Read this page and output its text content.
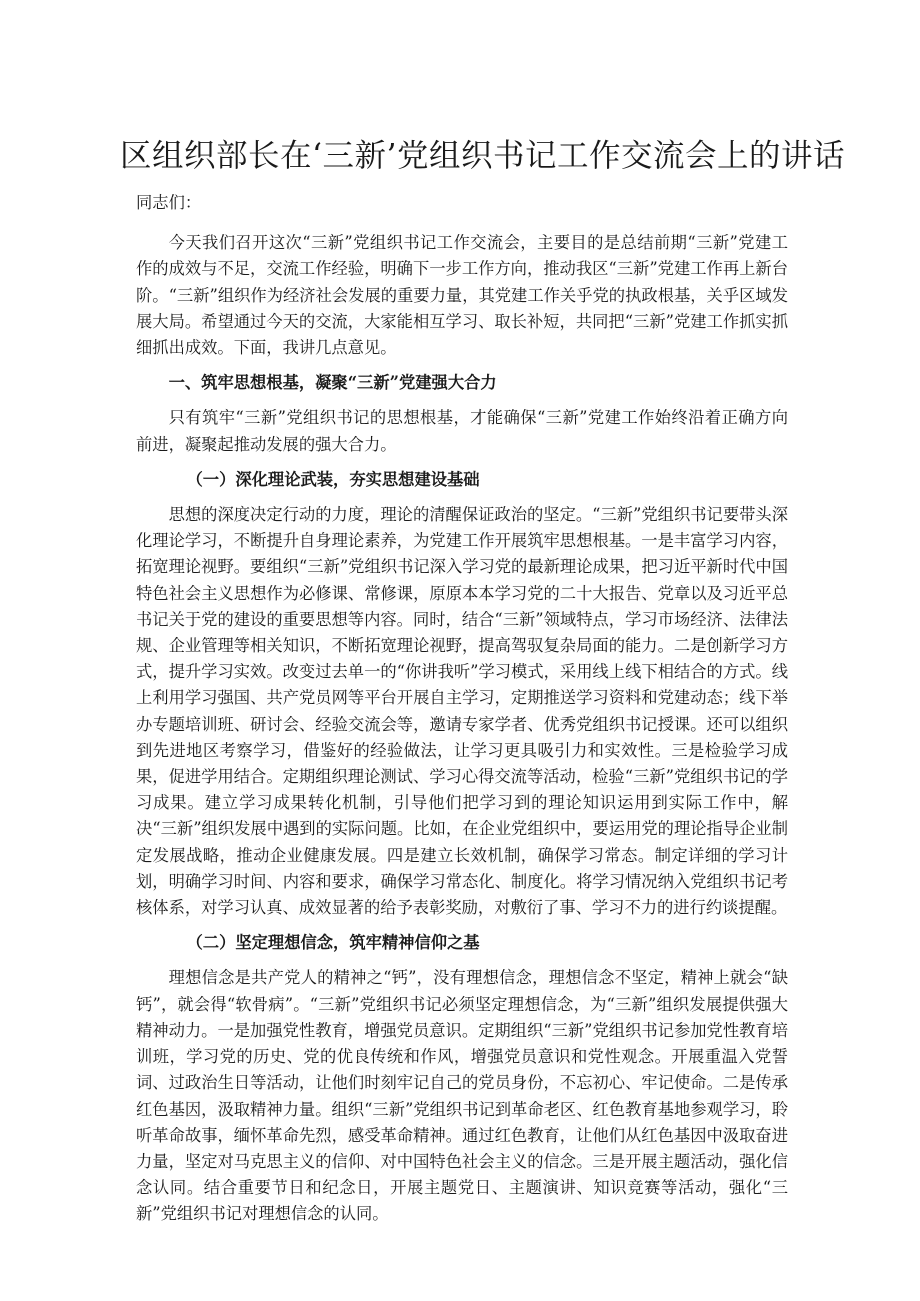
区组织部长在‘三新’党组织书记工作交流会上的讲话

同志们：

今天我们召开这次“三新”党组织书记工作交流会，主要目的是总结前期“三新”党建工作的成效与不足，交流工作经验，明确下一步工作方向，推动我区“三新”党建工作再上新台阶。“三新”组织作为经济社会发展的重要力量，其党建工作关乎党的执政根基，关乎区域发展大局。希望通过今天的交流，大家能相互学习、取长补短，共同把“三新”党建工作抓实抓细抓出成效。下面，我讲几点意见。

一、筑牢思想根基，凝聚“三新”党建强大合力

只有筑牢“三新”党组织书记的思想根基，才能确保“三新”党建工作始终沿着正确方向前进，凝聚起推动发展的强大合力。

（一）深化理论武装，夯实思想建设基础

思想的深度决定行动的力度，理论的清醒保证政治的坚定。“三新”党组织书记要带头深化理论学习，不断提升自身理论素养，为党建工作开展筑牢思想根基。一是丰富学习内容，拓宽理论视野。要组织“三新”党组织书记深入学习党的最新理论成果，把习近平新时代中国特色社会主义思想作为必修课、常修课，原原本本学习党的二十大报告、党章以及习近平总书记关于党的建设的重要思想等内容。同时，结合“三新”领域特点，学习市场经济、法律法规、企业管理等相关知识，不断拓宽理论视野，提高驾驭复杂局面的能力。二是创新学习方式，提升学习实效。改变过去单一的“你讲我听”学习模式，采用线上线下相结合的方式。线上利用学习强国、共产党员网等平台开展自主学习，定期推送学习资料和党建动态；线下举办专题培训班、研讨会、经验交流会等，邀请专家学者、优秀党组织书记授课。还可以组织到先进地区考察学习，借鉴好的经验做法，让学习更具吸引力和实效性。三是检验学习成果，促进学用结合。定期组织理论测试、学习心得交流等活动，检验“三新”党组织书记的学习成果。建立学习成果转化机制，引导他们把学习到的理论知识运用到实际工作中，解决“三新”组织发展中遇到的实际问题。比如，在企业党组织中，要运用党的理论指导企业制定发展战略，推动企业健康发展。四是建立长效机制，确保学习常态。制定详细的学习计划，明确学习时间、内容和要求，确保学习常态化、制度化。将学习情况纳入党组织书记考核体系，对学习认真、成效显著的给予表彰奖励，对敷衍了事、学习不力的进行约谈提醒。

（二）坚定理想信念，筑牢精神信仰之基

理想信念是共产党人的精神之“钙”，没有理想信念，理想信念不坚定，精神上就会“缺钙”，就会得“软骨病”。“三新”党组织书记必须坚定理想信念，为“三新”组织发展提供强大精神动力。一是加强党性教育，增强党员意识。定期组织“三新”党组织书记参加党性教育培训班，学习党的历史、党的优良传统和作风，增强党员意识和党性观念。开展重温入党誓词、过政治生日等活动，让他们时刻牢记自己的党员身份，不忘初心、牢记使命。二是传承红色基因，汲取精神力量。组织“三新”党组织书记到革命老区、红色教育基地参观学习，聆听革命故事，缅怀革命先烈，感受革命精神。通过红色教育，让他们从红色基因中汲取奋进力量，坚定对马克思主义的信仰、对中国特色社会主义的信念。三是开展主题活动，强化信念认同。结合重要节日和纪念日，开展主题党日、主题演讲、知识竞赛等活动，强化“三新”党组织书记对理想信念的认同。
